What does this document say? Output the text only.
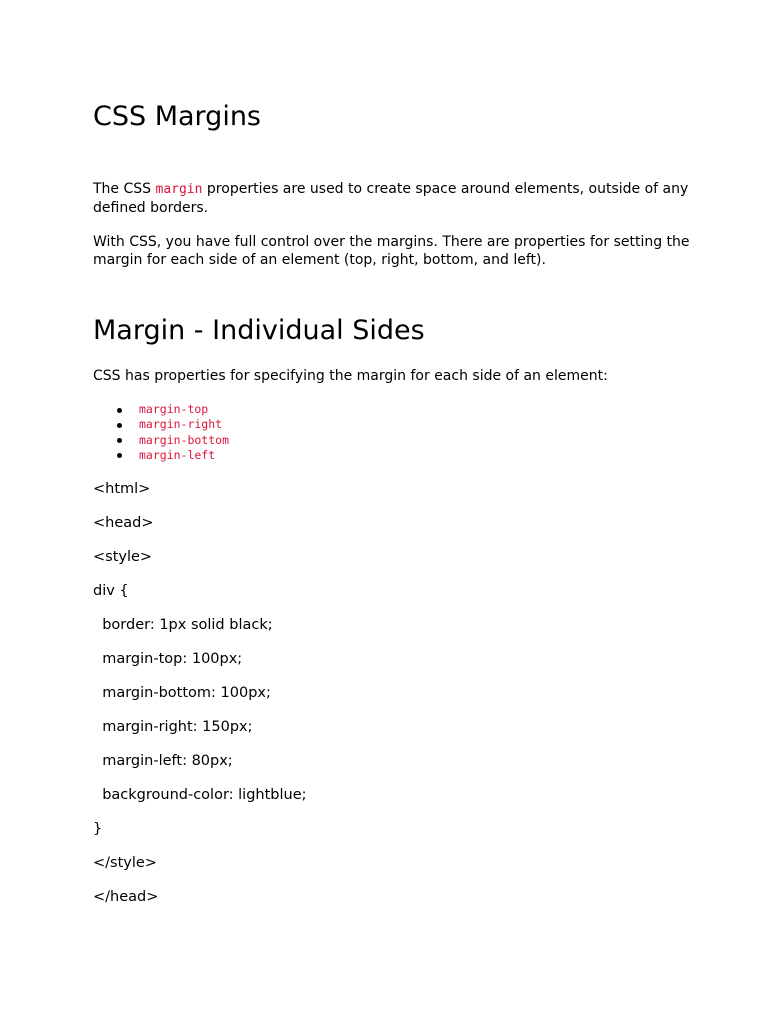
CSS Margins

The CSS margin properties are used to create space around elements, outside of any defined borders.

With CSS, you have full control over the margins. There are properties for setting the margin for each side of an element (top, right, bottom, and left).

Margin - Individual Sides

CSS has properties for specifying the margin for each side of an element:

margin-top
margin-right
margin-bottom
margin-left
<html>
<head>
<style>
div {
border: 1px solid black;
margin-top: 100px;
margin-bottom: 100px;
margin-right: 150px;
margin-left: 80px;
background-color: lightblue;
}
</style>
</head>
